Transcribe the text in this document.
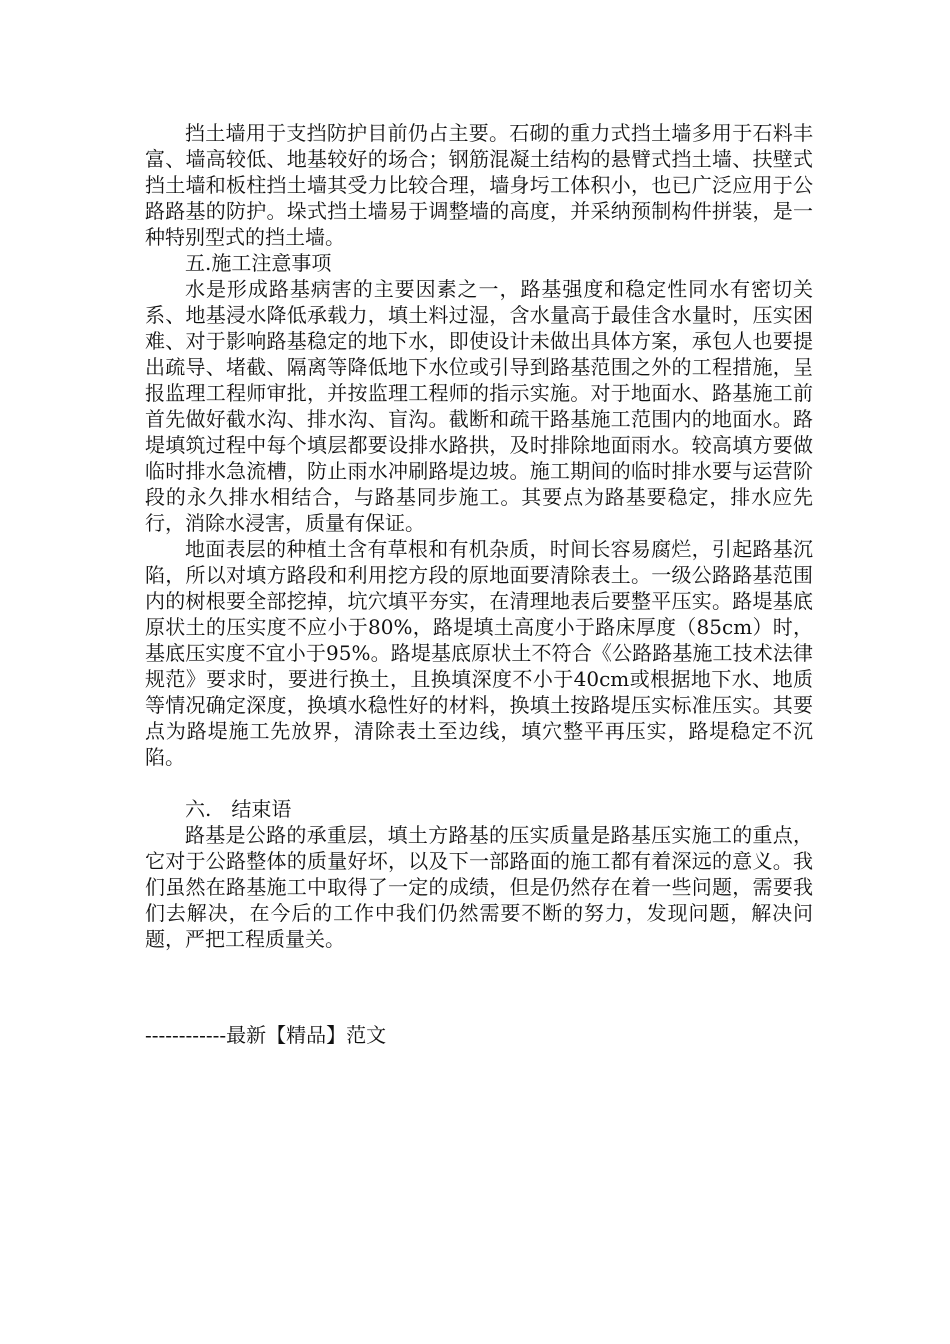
挡土墙用于支挡防护目前仍占主要。石砌的重力式挡土墙多用于石料丰富、墙高较低、地基较好的场合；钢筋混凝土结构的悬臂式挡土墙、扶壁式挡土墙和板柱挡土墙其受力比较合理，墙身圬工体积小，也已广泛应用于公路路基的防护。垛式挡土墙易于调整墙的高度，并采纳预制构件拼装，是一种特别型式的挡土墙。

五.施工注意事项

水是形成路基病害的主要因素之一，路基强度和稳定性同水有密切关系、地基浸水降低承载力，填土料过湿，含水量高于最佳含水量时，压实困难、对于影响路基稳定的地下水，即使设计未做出具体方案，承包人也要提出疏导、堵截、隔离等降低地下水位或引导到路基范围之外的工程措施，呈报监理工程师审批，并按监理工程师的指示实施。对于地面水、路基施工前首先做好截水沟、排水沟、盲沟。截断和疏干路基施工范围内的地面水。路堤填筑过程中每个填层都要设排水路拱，及时排除地面雨水。较高填方要做临时排水急流槽，防止雨水冲刷路堤边坡。施工期间的临时排水要与运营阶段的永久排水相结合，与路基同步施工。其要点为路基要稳定，排水应先行，消除水浸害，质量有保证。

地面表层的种植土含有草根和有机杂质，时间长容易腐烂，引起路基沉陷，所以对填方路段和利用挖方段的原地面要清除表土。一级公路路基范围内的树根要全部挖掉，坑穴填平夯实，在清理地表后要整平压实。路堤基底原状土的压实度不应小于80%，路堤填土高度小于路床厚度（85cm）时，基底压实度不宜小于95%。路堤基底原状土不符合《公路路基施工技术法律规范》要求时，要进行换土，且换填深度不小于40cm或根据地下水、地质等情况确定深度，换填水稳性好的材料，换填土按路堤压实标准压实。其要点为路堤施工先放界，清除表土至边线，填穴整平再压实，路堤稳定不沉陷。

六.　结束语

路基是公路的承重层，填土方路基的压实质量是路基压实施工的重点，它对于公路整体的质量好坏，以及下一部路面的施工都有着深远的意义。我们虽然在路基施工中取得了一定的成绩，但是仍然存在着一些问题，需要我们去解决，在今后的工作中我们仍然需要不断的努力，发现问题，解决问题，严把工程质量关。

------------最新【精品】范文
